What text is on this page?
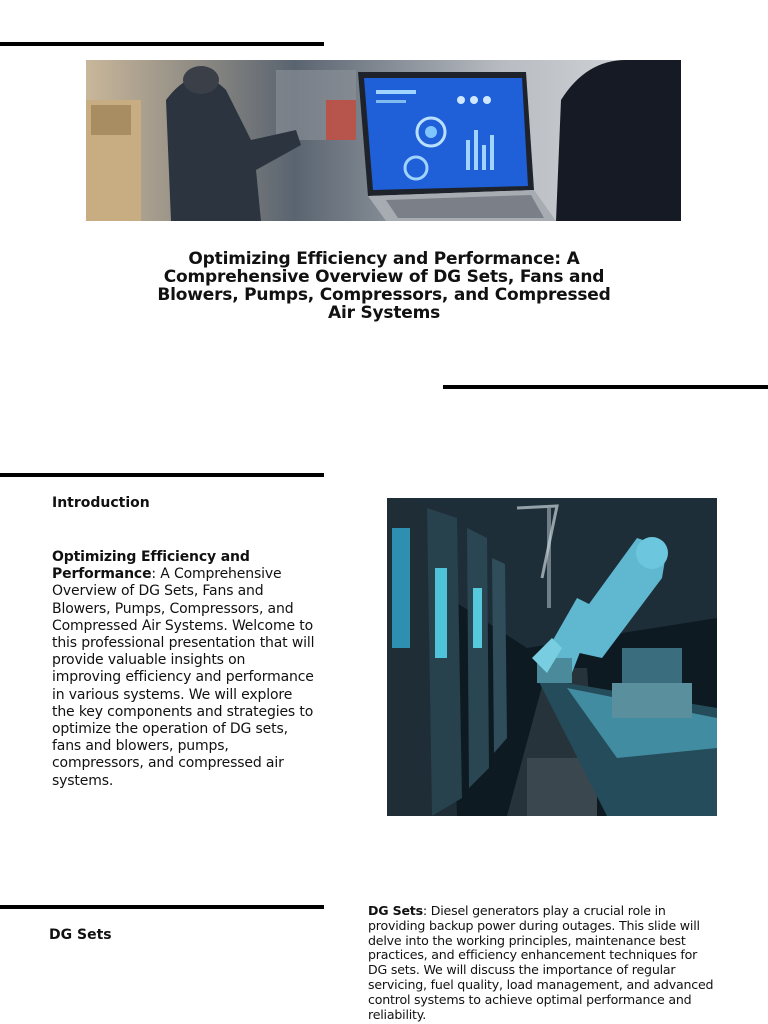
Optimizing Efficiency and Performance: A Comprehensive Overview of DG Sets, Fans and Blowers, Pumps, Compressors, and Compressed Air Systems
Introduction

Optimizing Efficiency and Performance: A Comprehensive Overview of DG Sets, Fans and Blowers, Pumps, Compressors, and Compressed Air Systems. Welcome to this professional presentation that will provide valuable insights on improving efficiency and performance in various systems. We will explore the key components and strategies to optimize the operation of DG sets, fans and blowers, pumps, compressors, and compressed air systems.

DG Sets

DG Sets: Diesel generators play a crucial role in providing backup power during outages. This slide will delve into the working principles, maintenance best practices, and efficiency enhancement techniques for DG sets. We will discuss the importance of regular servicing, fuel quality, load management, and advanced control systems to achieve optimal performance and reliability.
